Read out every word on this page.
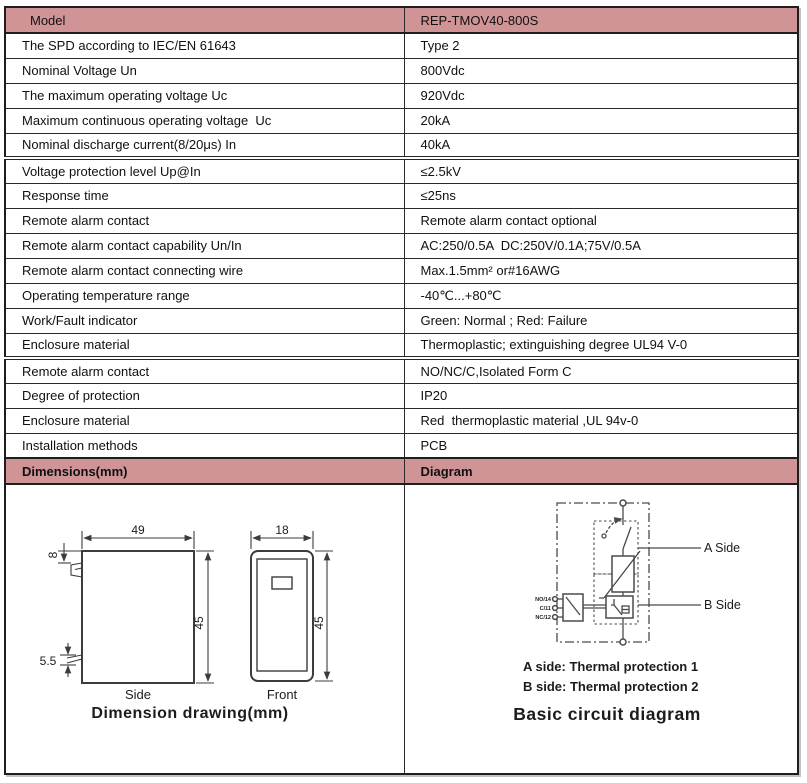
Model	REP-TMOV40-800S
The SPD according to IEC/EN 61643	Type 2
Nominal Voltage Un	800Vdc
The maximum operating voltage Uc	920Vdc
Maximum continuous operating voltage  Uc	20kA
Nominal discharge current(8/20μs) In	40kA
Voltage protection level Up@In	≤2.5kV
Response time	≤25ns
Remote alarm contact	Remote alarm contact optional
Remote alarm contact capability Un/In	AC:250/0.5A  DC:250V/0.1A;75V/0.5A
Remote alarm contact connecting wire	Max.1.5mm² or#16AWG
Operating temperature range	-40℃...+80℃
Work/Fault indicator	Green: Normal ; Red: Failure
Enclosure material	Thermoplastic; extinguishing degree UL94 V-0
Remote alarm contact	NO/NC/C,Isolated Form C
Degree of protection	IP20
Enclosure material	Red  thermoplastic material ,UL 94v-0
Installation methods	PCB
Dimensions(mm)	Diagram

49
8
45
5.5
Side
18
45
Front
Dimension drawing(mm)

NO/14
C/11
NC/12
A Side
B Side
A side: Thermal protection 1
B side: Thermal protection 2
Basic circuit diagram
